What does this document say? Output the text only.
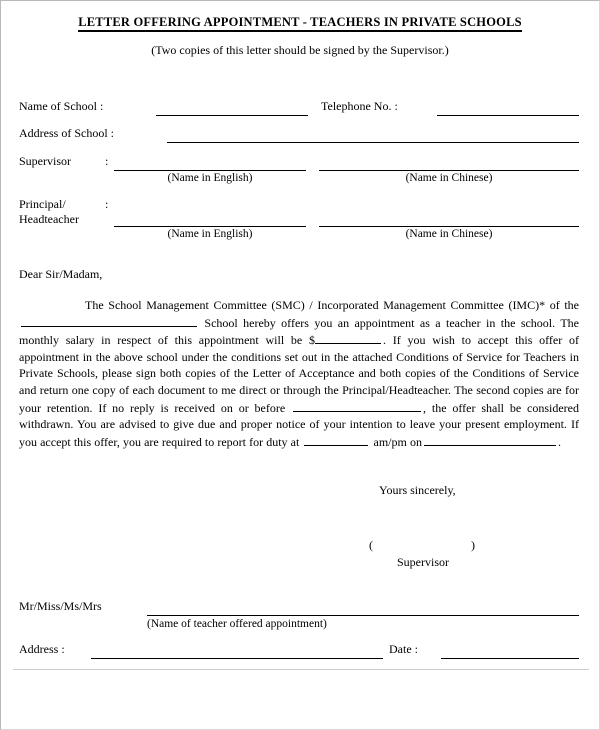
LETTER OFFERING APPOINTMENT - TEACHERS IN PRIVATE SCHOOLS
(Two copies of this letter should be signed by the Supervisor.)
Name of School :	Telephone No. :
Address of School :
Supervisor	:
(Name in English)	(Name in Chinese)
Principal/
Headteacher
:
(Name in English)	(Name in Chinese)
Dear Sir/Madam,
The School Management Committee (SMC) / Incorporated Management Committee (IMC)* of the  School hereby offers you an appointment as a teacher in the school. The monthly salary in respect of this appointment will be $	. If you wish to accept this offer of appointment in the above school under the conditions set out in the attached Conditions of Service for Teachers in Private Schools, please sign both copies of the Letter of Acceptance and both copies of the Conditions of Service and return one copy of each document to me direct or through the Principal/Headteacher. The second copies are for your retention. If no reply is received on or before	, the offer shall be considered withdrawn. You are advised to give due and proper notice of your intention to leave your present employment. If you accept this offer, you are required to report for duty at	am/pm on	.
Yours sincerely,
(	)
Supervisor
Mr/Miss/Ms/Mrs
(Name of teacher offered appointment)
Address :	Date :
